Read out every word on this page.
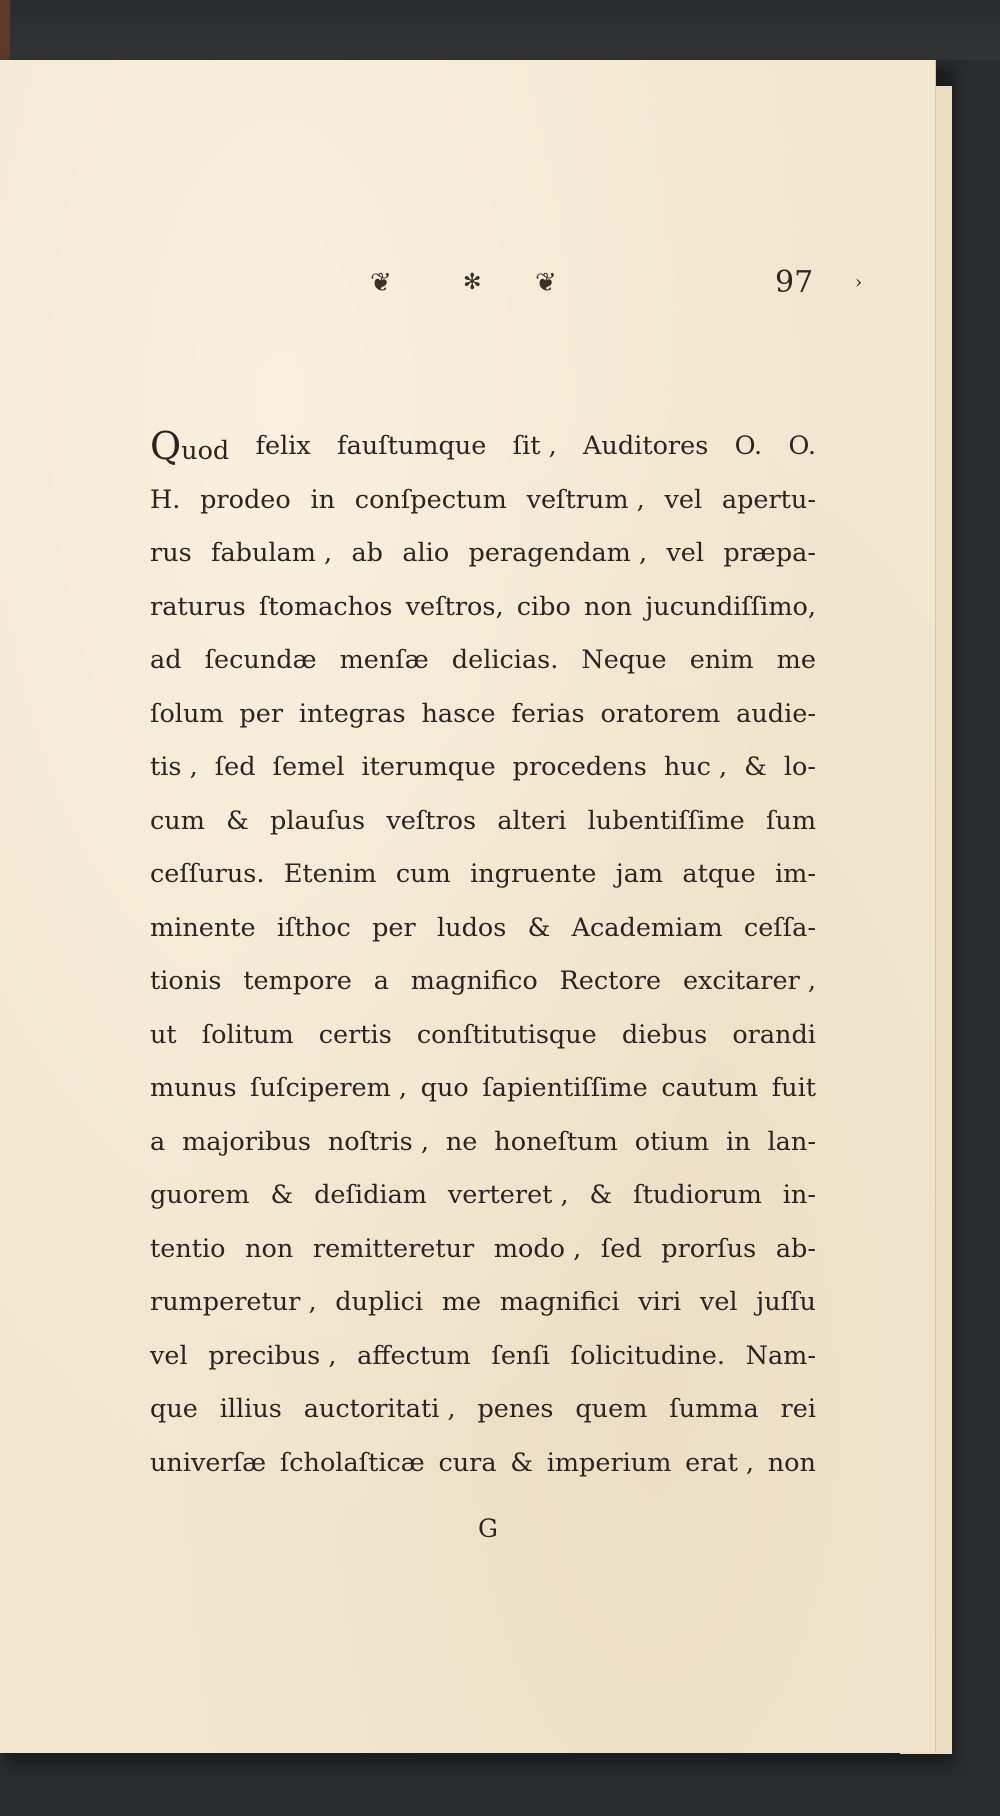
❦	✻ ❦	97 ›
Quod felix fauſtumque ſit , Auditores O. O.
H. prodeo in conſpectum veſtrum , vel apertu-
rus fabulam , ab alio peragendam , vel præpa-
raturus ſtomachos veſtros, cibo non jucundiſſimo,
ad ſecundæ menſæ delicias. Neque enim me
ſolum per integras hasce ferias oratorem audie-
tis , ſed ſemel iterumque procedens huc , & lo-
cum & plauſus veſtros alteri lubentiſſime ſum
ceſſurus. Etenim cum ingruente jam atque im-
minente iſthoc per ludos & Academiam ceſſa-
tionis tempore a magnifico Rectore excitarer ,
ut ſolitum certis conſtitutisque diebus orandi
munus ſuſciperem , quo ſapientiſſime cautum fuit
a majoribus noſtris , ne honeſtum otium in lan-
guorem & deſidiam verteret , & ſtudiorum in-
tentio non remitteretur modo , ſed prorſus ab-
rumperetur , duplici me magnifici viri vel juſſu
vel precibus , affectum ſenſi ſolicitudine. Nam-
que illius auctoritati , penes quem ſumma rei
univerſæ ſcholaſticæ cura & imperium erat , non
G
